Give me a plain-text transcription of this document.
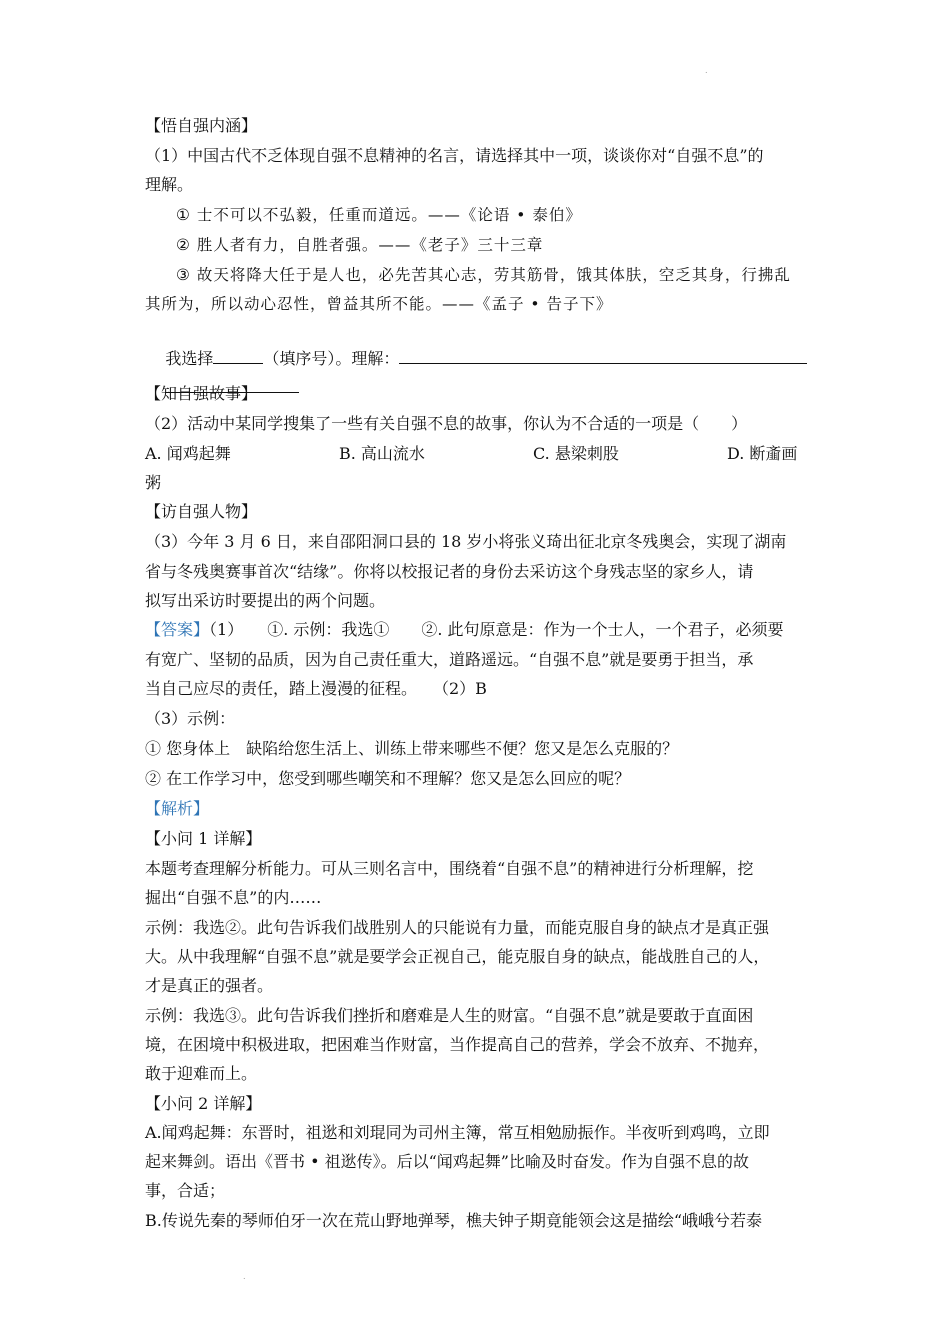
.
【悟自强内涵】
（1）中国古代不乏体现自强不息精神的名言，请选择其中一项，谈谈你对“自强不息”的
理解。
① 士不可以不弘毅，任重而道远。——《论语 • 泰伯》
② 胜人者有力，自胜者强。——《老子》三十三章
③ 故天将降大任于是人也，必先苦其心志，劳其筋骨，饿其体肤，空乏其身，行拂乱
其所为，所以动心忍性，曾益其所不能。——《孟子 • 告子下》

我选择	（填序号）。理解：

【知自强故事】
（2）活动中某同学搜集了一些有关自强不息的故事，你认为不合适的一项是（　　）
A. 闻鸡起舞	B. 高山流水	C. 悬梁刺股	D. 断齑画
粥
【访自强人物】
（3）今年 3 月 6 日，来自邵阳洞口县的 18 岁小将张义琦出征北京冬残奥会，实现了湖南
省与冬残奥赛事首次“结缘”。你将以校报记者的身份去采访这个身残志坚的家乡人，请
拟写出采访时要提出的两个问题。
【答案】（1）　　①. 示例：我选①　　②. 此句原意是：作为一个士人，一个君子，必须要
有宽广、坚韧的品质，因为自己责任重大，道路遥远。“自强不息”就是要勇于担当，承
当自己应尽的责任，踏上漫漫的征程。　　（2）B
（3）示例：
① 您身体上　缺陷给您生活上、训练上带来哪些不便？您又是怎么克服的？
② 在工作学习中，您受到哪些嘲笑和不理解？您又是怎么回应的呢？
【解析】
【小问 1 详解】
本题考查理解分析能力。可从三则名言中，围绕着“自强不息”的精神进行分析理解，挖
掘出“自强不息”的内……
示例：我选②。此句告诉我们战胜别人的只能说有力量，而能克服自身的缺点才是真正强
大。从中我理解“自强不息”就是要学会正视自己，能克服自身的缺点，能战胜自己的人，
才是真正的强者。
示例：我选③。此句告诉我们挫折和磨难是人生的财富。“自强不息”就是要敢于直面困
境，在困境中积极进取，把困难当作财富，当作提高自己的营养，学会不放弃、不抛弃，
敢于迎难而上。
【小问 2 详解】
A.闻鸡起舞：东晋时，祖逖和刘琨同为司州主簿，常互相勉励振作。半夜听到鸡鸣，立即
起来舞剑。语出《晋书 • 祖逖传》。后以“闻鸡起舞”比喻及时奋发。作为自强不息的故
事，合适；
B.传说先秦的琴师伯牙一次在荒山野地弹琴，樵夫钟子期竟能领会这是描绘“峨峨兮若泰
.
